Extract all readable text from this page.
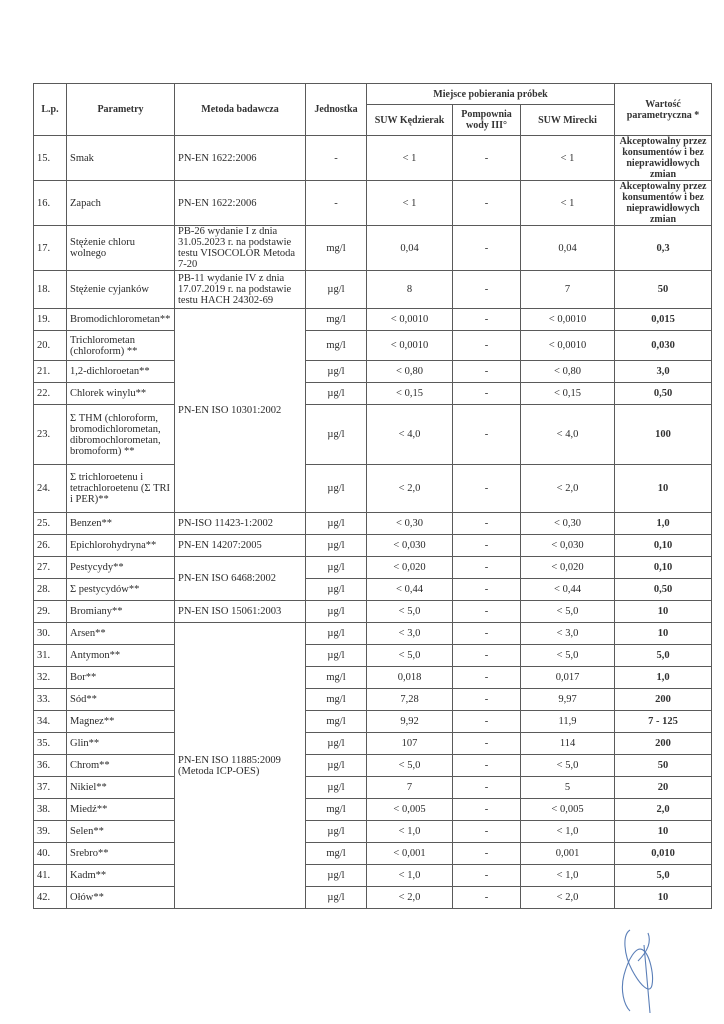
L.p.	Parametry	Metoda badawcza	Jednostka	Miejsce pobierania próbek			Wartość parametryczna *
				SUW Kędzierak	Pompownia wody III°	SUW Mirecki	
15.	Smak	PN-EN 1622:2006	-	< 1	-	< 1	Akceptowalny przez konsumentów i bez nieprawidłowych zmian
16.	Zapach	PN-EN 1622:2006	-	< 1	-	< 1	Akceptowalny przez konsumentów i bez nieprawidłowych zmian
17.	Stężenie chloru wolnego	PB-26 wydanie I z dnia 31.05.2023 r. na podstawie testu VISOCOLOR Metoda 7-20	mg/l	0,04	-	0,04	0,3
18.	Stężenie cyjanków	PB-11 wydanie IV z dnia 17.07.2019 r. na podstawie testu HACH 24302-69	µg/l	8	-	7	50
19.	Bromodichlorometan**	PN-EN ISO 10301:2002	mg/l	< 0,0010	-	< 0,0010	0,015
20.	Trichlorometan (chloroform) **		mg/l	< 0,0010	-	< 0,0010	0,030
21.	1,2-dichloroetan**		µg/l	< 0,80	-	< 0,80	3,0
22.	Chlorek winylu**		µg/l	< 0,15	-	< 0,15	0,50
23.	Σ THM (chloroform, bromodichlorometan, dibromochlorometan, bromoform) **		µg/l	< 4,0	-	< 4,0	100
24.	Σ trichloroetenu i tetrachloroetenu (Σ TRI i PER)**		µg/l	< 2,0	-	< 2,0	10
25.	Benzen**	PN-ISO 11423-1:2002	µg/l	< 0,30	-	< 0,30	1,0
26.	Epichlorohydryna**	PN-EN 14207:2005	µg/l	< 0,030	-	< 0,030	0,10
27.	Pestycydy**	PN-EN ISO 6468:2002	µg/l	< 0,020	-	< 0,020	0,10
28.	Σ pestycydów**		µg/l	< 0,44	-	< 0,44	0,50
29.	Bromiany**	PN-EN ISO 15061:2003	µg/l	< 5,0	-	< 5,0	10
30.	Arsen**	PN-EN ISO 11885:2009 (Metoda ICP-OES)	µg/l	< 3,0	-	< 3,0	10
31.	Antymon**		µg/l	< 5,0	-	< 5,0	5,0
32.	Bor**		mg/l	0,018	-	0,017	1,0
33.	Sód**		mg/l	7,28	-	9,97	200
34.	Magnez**		mg/l	9,92	-	11,9	7 - 125
35.	Glin**		µg/l	107	-	114	200
36.	Chrom**		µg/l	< 5,0	-	< 5,0	50
37.	Nikiel**		µg/l	7	-	5	20
38.	Miedź**		mg/l	< 0,005	-	< 0,005	2,0
39.	Selen**		µg/l	< 1,0	-	< 1,0	10
40.	Srebro**		mg/l	< 0,001	-	0,001	0,010
41.	Kadm**		µg/l	< 1,0	-	< 1,0	5,0
42.	Ołów**		µg/l	< 2,0	-	< 2,0	10
